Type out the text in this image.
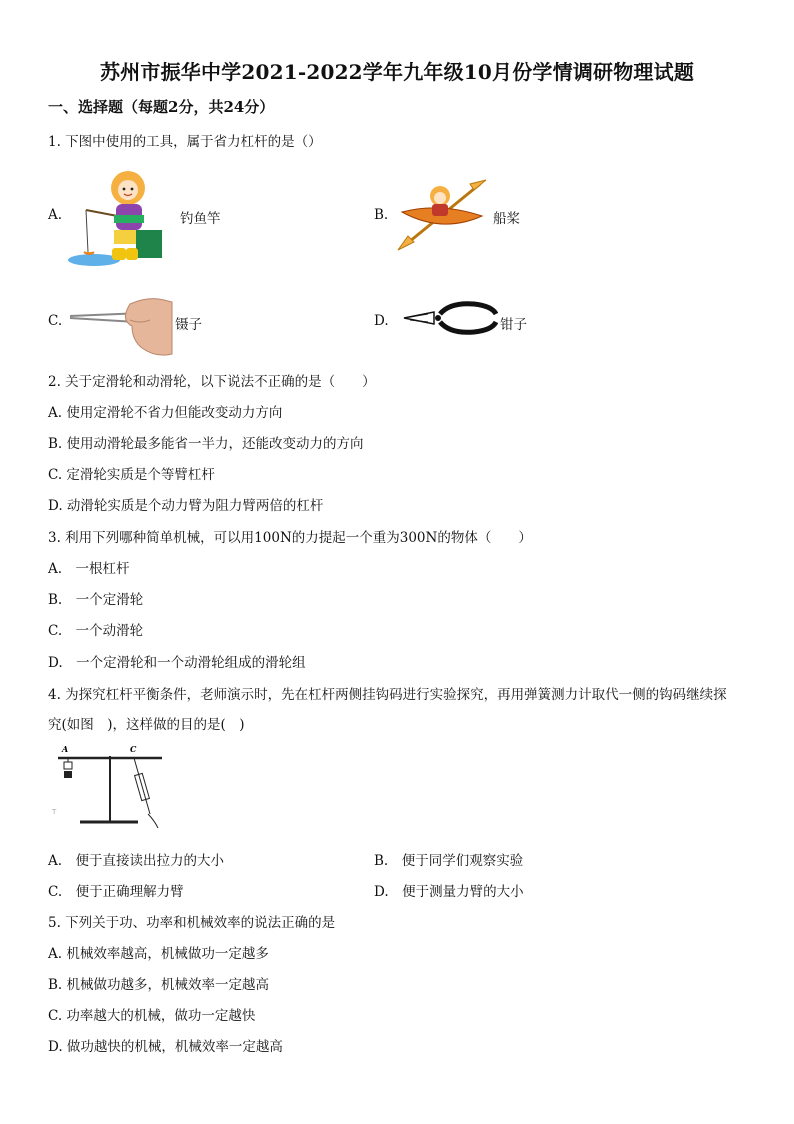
苏州市振华中学2021-2022学年九年级10月份学情调研物理试题
一、选择题（每题2分，共24分）
1. 下图中使用的工具，属于省力杠杆的是（）
A.	钓鱼竿	B.	船桨
C.	镊子	D.	钳子
2. 关于定滑轮和动滑轮，以下说法不正确的是（　　）
A. 使用定滑轮不省力但能改变动力方向
B. 使用动滑轮最多能省一半力，还能改变动力的方向
C. 定滑轮实质是个等臂杠杆
D. 动滑轮实质是个动力臂为阻力臂两倍的杠杆
3. 利用下列哪种简单机械，可以用100N的力提起一个重为300N的物体（　　）
A.　一根杠杆
B.　一个定滑轮
C.　一个动滑轮
D.　一个定滑轮和一个动滑轮组成的滑轮组
4. 为探究杠杆平衡条件，老师演示时，先在杠杆两侧挂钩码进行实验探究，再用弹簧测力计取代一侧的钩码继续探
究(如图　)，这样做的目的是(　)
A	C
T
A.　便于直接读出拉力的大小	B.　便于同学们观察实验
C.　便于正确理解力臂	D.　便于测量力臂的大小
5. 下列关于功、功率和机械效率的说法正确的是
A. 机械效率越高，机械做功一定越多
B. 机械做功越多，机械效率一定越高
C. 功率越大的机械，做功一定越快
D. 做功越快的机械，机械效率一定越高
